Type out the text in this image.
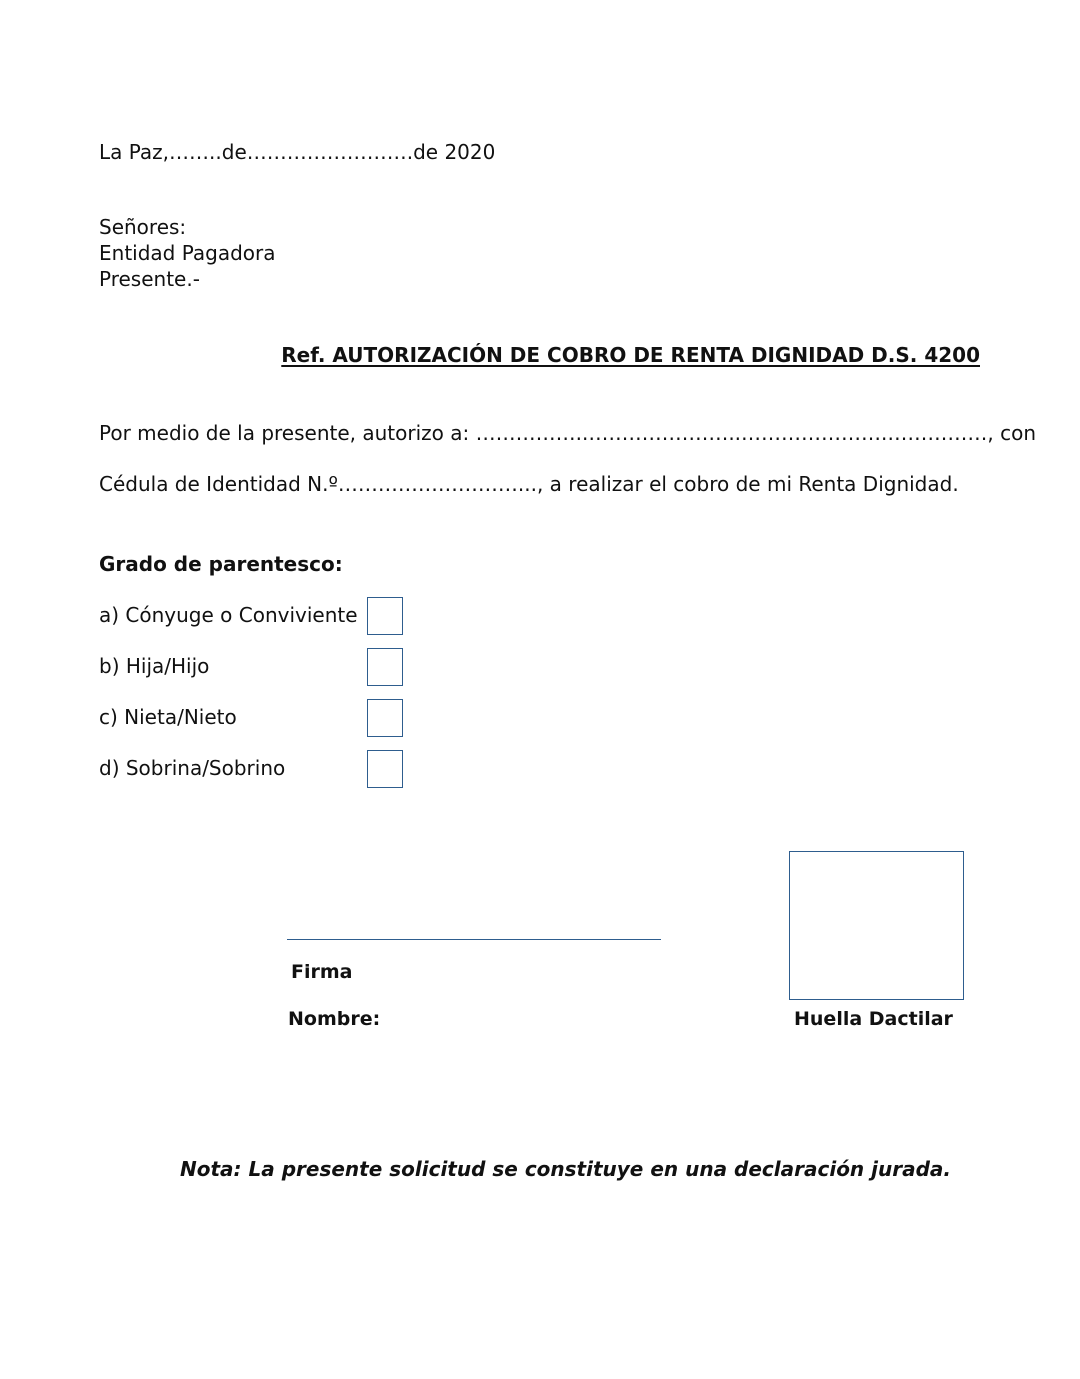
La Paz,……..de…………………….de 2020

Señores:

Entidad Pagadora

Presente.-

Ref. AUTORIZACIÓN DE COBRO DE RENTA DIGNIDAD D.S. 4200

Por medio de la presente, autorizo a: ……………..…………………..………………….……………, con

Cédula de Identidad N.º………………………..., a realizar el cobro de mi Renta Dignidad.

Grado de parentesco:

a) Cónyuge o Conviviente

b) Hija/Hijo

c) Nieta/Nieto

d) Sobrina/Sobrino

Firma

Nombre:	Huella Dactilar

Nota: La presente solicitud se constituye en una declaración jurada.
